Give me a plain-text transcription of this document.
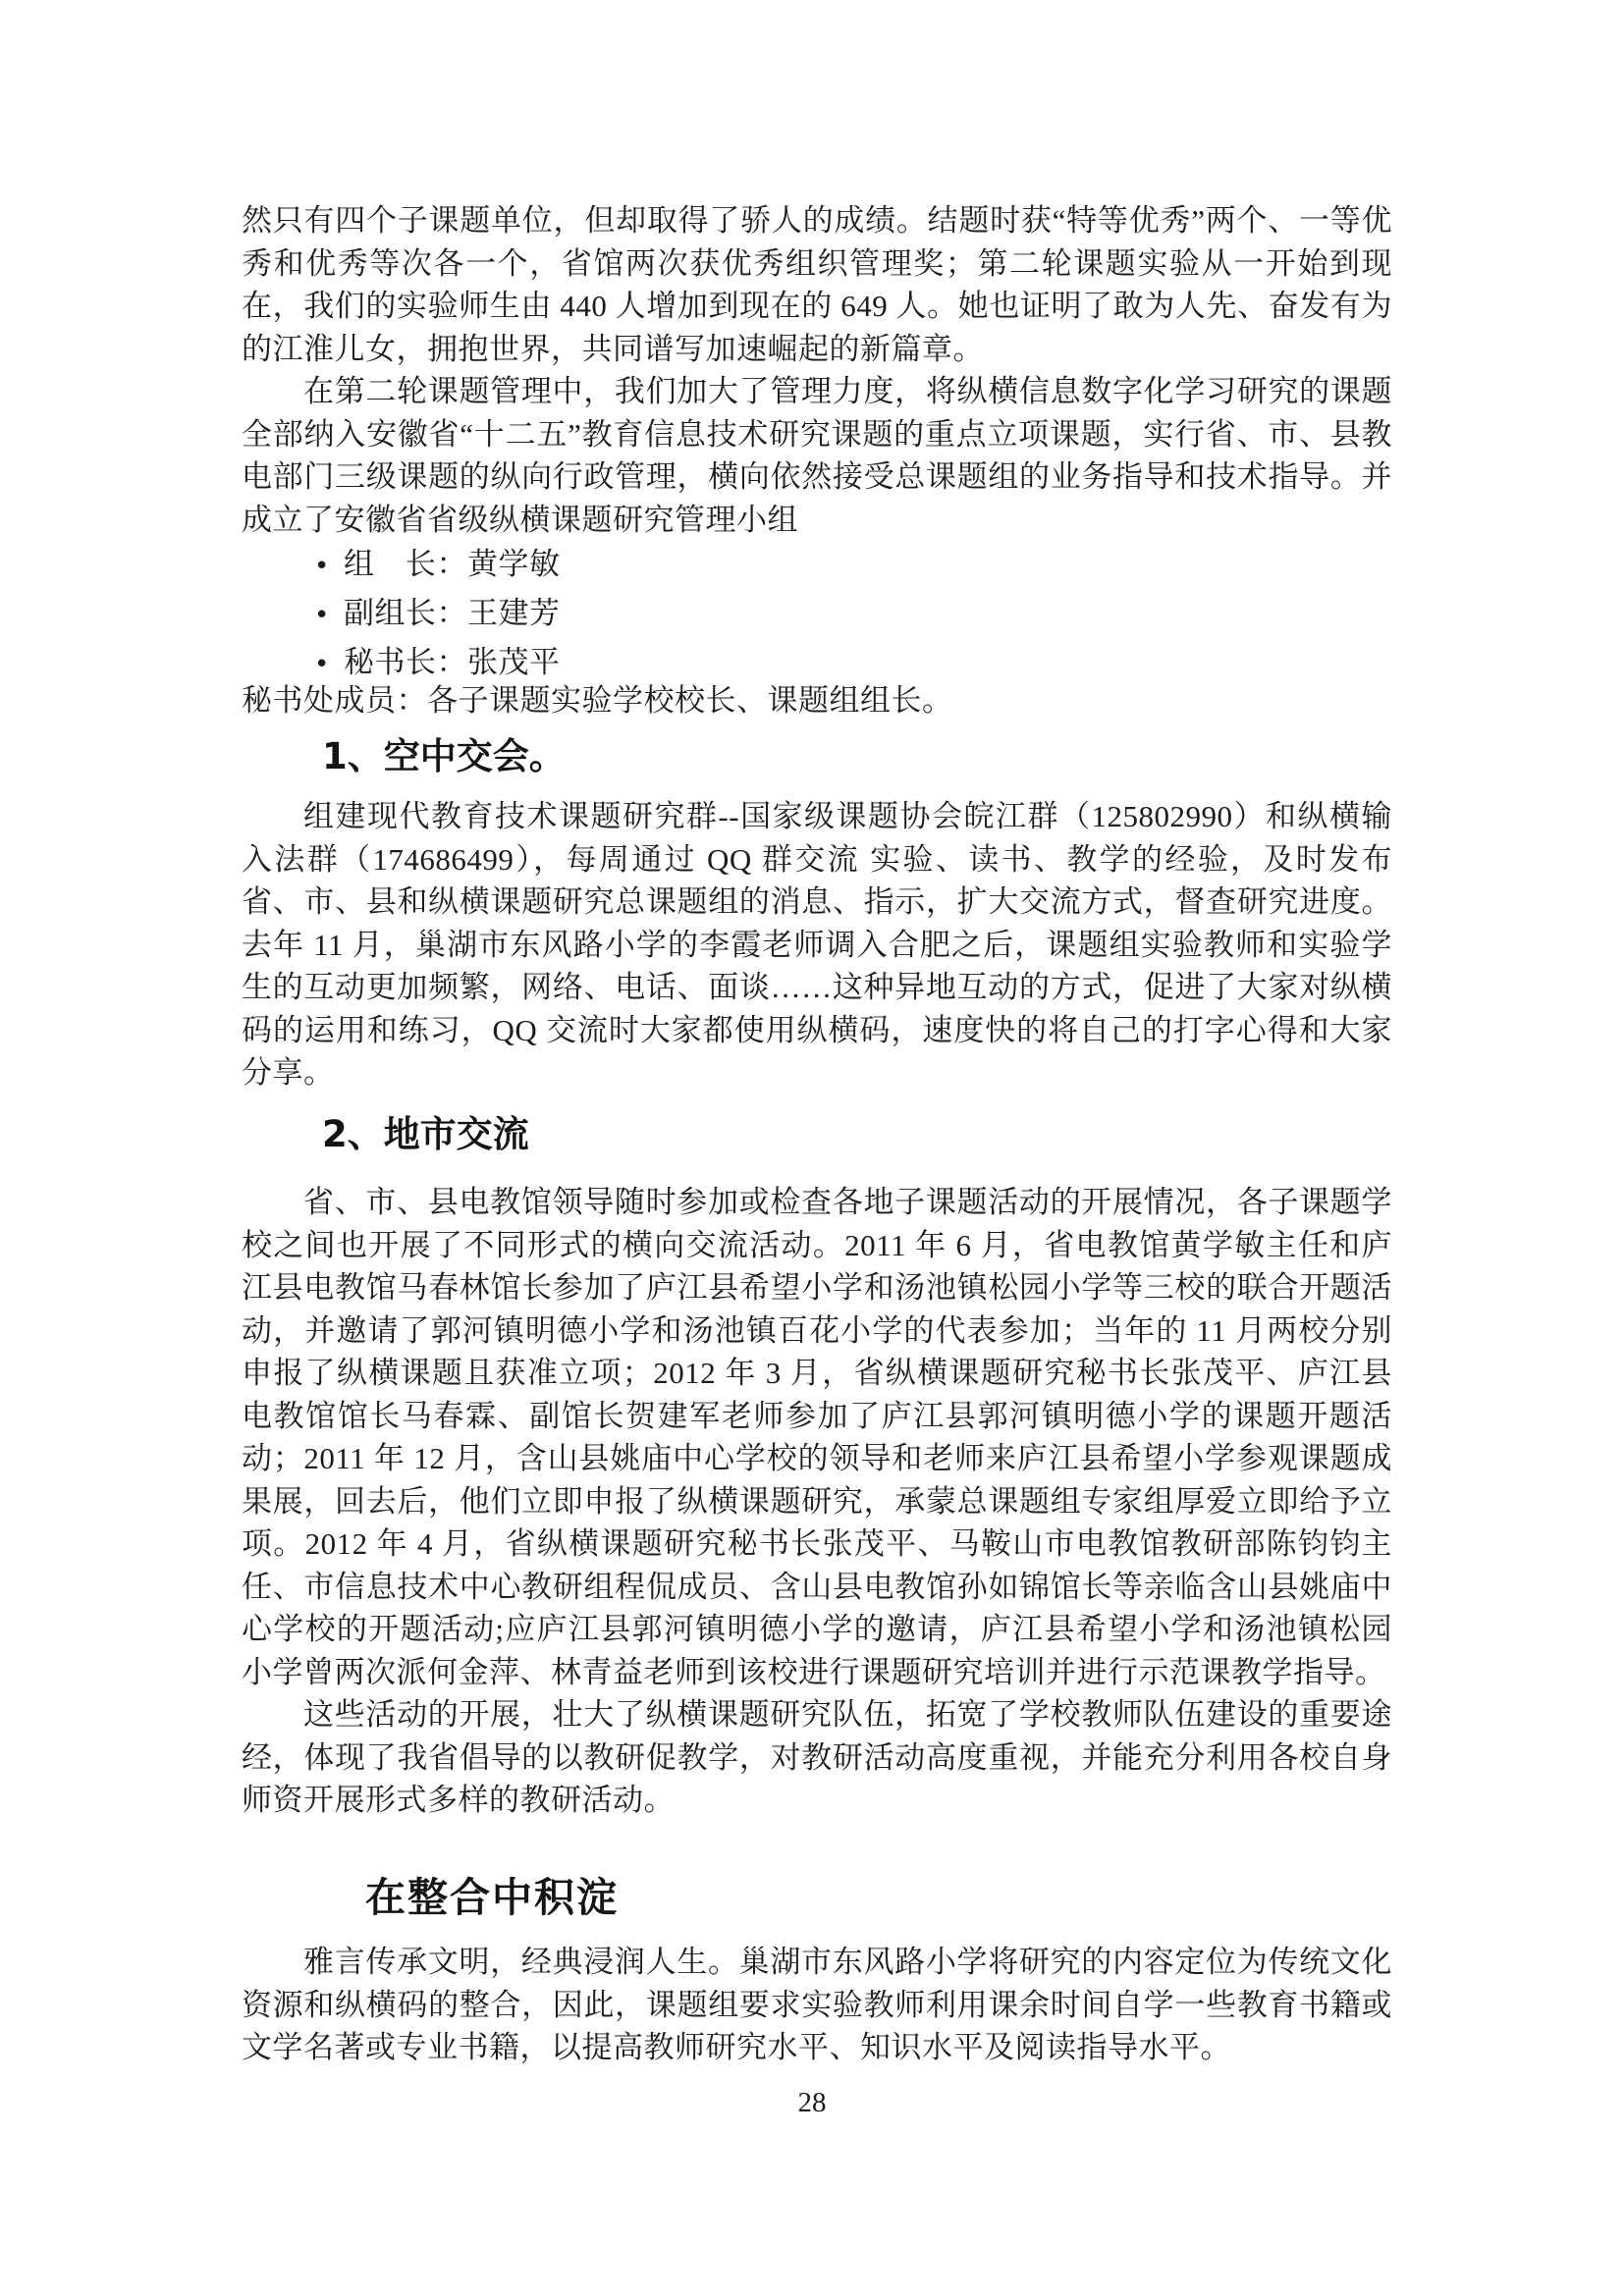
然只有四个子课题单位，但却取得了骄人的成绩。结题时获“特等优秀”两个、一等优秀和优秀等次各一个，省馆两次获优秀组织管理奖；第二轮课题实验从一开始到现在，我们的实验师生由 440 人增加到现在的 649 人。她也证明了敢为人先、奋发有为的江淮儿女，拥抱世界，共同谱写加速崛起的新篇章。

在第二轮课题管理中，我们加大了管理力度，将纵横信息数字化学习研究的课题全部纳入安徽省“十二五”教育信息技术研究课题的重点立项课题，实行省、市、县教电部门三级课题的纵向行政管理，横向依然接受总课题组的业务指导和技术指导。并成立了安徽省省级纵横课题研究管理小组

• 组　长：黄学敏
• 副组长：王建芳
• 秘书长：张茂平

秘书处成员：各子课题实验学校校长、课题组组长。

1、空中交会。

组建现代教育技术课题研究群--国家级课题协会皖江群（125802990）和纵横输入法群（174686499），每周通过 QQ 群交流 实验、读书、教学的经验，及时发布省、市、县和纵横课题研究总课题组的消息、指示，扩大交流方式，督查研究进度。去年 11 月，巢湖市东风路小学的李霞老师调入合肥之后，课题组实验教师和实验学生的互动更加频繁，网络、电话、面谈……这种异地互动的方式，促进了大家对纵横码的运用和练习，QQ 交流时大家都使用纵横码，速度快的将自己的打字心得和大家分享。

2、地市交流

省、市、县电教馆领导随时参加或检查各地子课题活动的开展情况，各子课题学校之间也开展了不同形式的横向交流活动。2011 年 6 月，省电教馆黄学敏主任和庐江县电教馆马春林馆长参加了庐江县希望小学和汤池镇松园小学等三校的联合开题活动，并邀请了郭河镇明德小学和汤池镇百花小学的代表参加；当年的 11 月两校分别申报了纵横课题且获准立项；2012 年 3 月，省纵横课题研究秘书长张茂平、庐江县电教馆馆长马春霖、副馆长贺建军老师参加了庐江县郭河镇明德小学的课题开题活动；2011 年 12 月，含山县姚庙中心学校的领导和老师来庐江县希望小学参观课题成果展，回去后，他们立即申报了纵横课题研究，承蒙总课题组专家组厚爱立即给予立项。2012 年 4 月，省纵横课题研究秘书长张茂平、马鞍山市电教馆教研部陈钧钧主任、市信息技术中心教研组程侃成员、含山县电教馆孙如锦馆长等亲临含山县姚庙中心学校的开题活动;应庐江县郭河镇明德小学的邀请，庐江县希望小学和汤池镇松园小学曾两次派何金萍、林青益老师到该校进行课题研究培训并进行示范课教学指导。

这些活动的开展，壮大了纵横课题研究队伍，拓宽了学校教师队伍建设的重要途经，体现了我省倡导的以教研促教学，对教研活动高度重视，并能充分利用各校自身师资开展形式多样的教研活动。

在整合中积淀

雅言传承文明，经典浸润人生。巢湖市东风路小学将研究的内容定位为传统文化资源和纵横码的整合，因此，课题组要求实验教师利用课余时间自学一些教育书籍或文学名著或专业书籍，以提高教师研究水平、知识水平及阅读指导水平。

28
